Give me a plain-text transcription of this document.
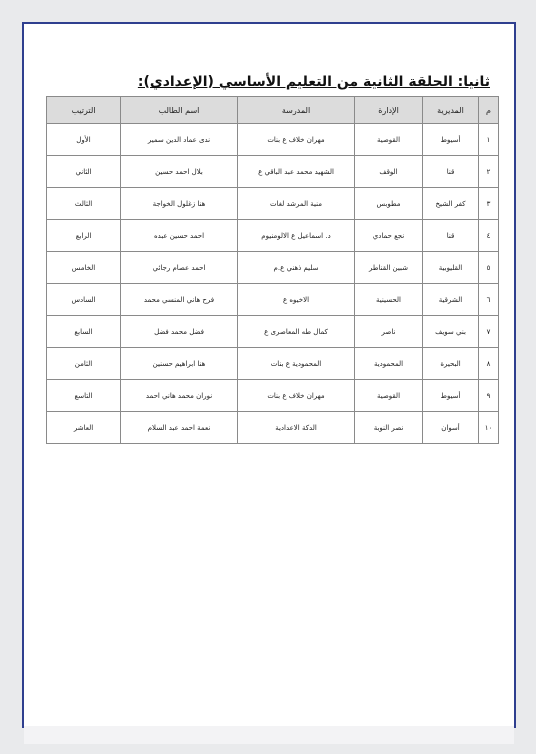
ثانيا: الحلقة الثانية من التعليم الأساسي (الإعدادي):
م	المديرية	الإدارة	المدرسة	اسم الطالب	الترتيب
١	أسيوط	القوصية	مهران خلاف ع بنات	ندى عماد الدين سمير	الأول
٢	قنا	الوقف	الشهيد محمد عبد الباقي ع	بلال احمد حسين	الثاني
٣	كفر الشيخ	مطوبس	منية المرشد لغات	هنا زغلول الخواجة	الثالث
٤	قنا	نجع حمادي	د. اسماعيل ع الالومنيوم	احمد حسين عبده	الرابع
٥	القليوبية	شبين القناطر	سليم ذهني ع.م	احمد عصام رجائي	الخامس
٦	الشرقية	الحسينية	الاخيوه ع	فرح هاني المنسي محمد	السادس
٧	بني سويف	ناصر	كمال طه المعاصرى ع	فضل محمد فضل	السابع
٨	البحيرة	المحمودية	المحمودية ع بنات	هنا ابراهيم حسنين	الثامن
٩	أسيوط	القوصية	مهران خلاف ع بنات	نوران محمد هاني احمد	التاسع
١٠	أسوان	نصر النوبة	الدكة الاعدادية	نعمة احمد عبد السلام	العاشر
